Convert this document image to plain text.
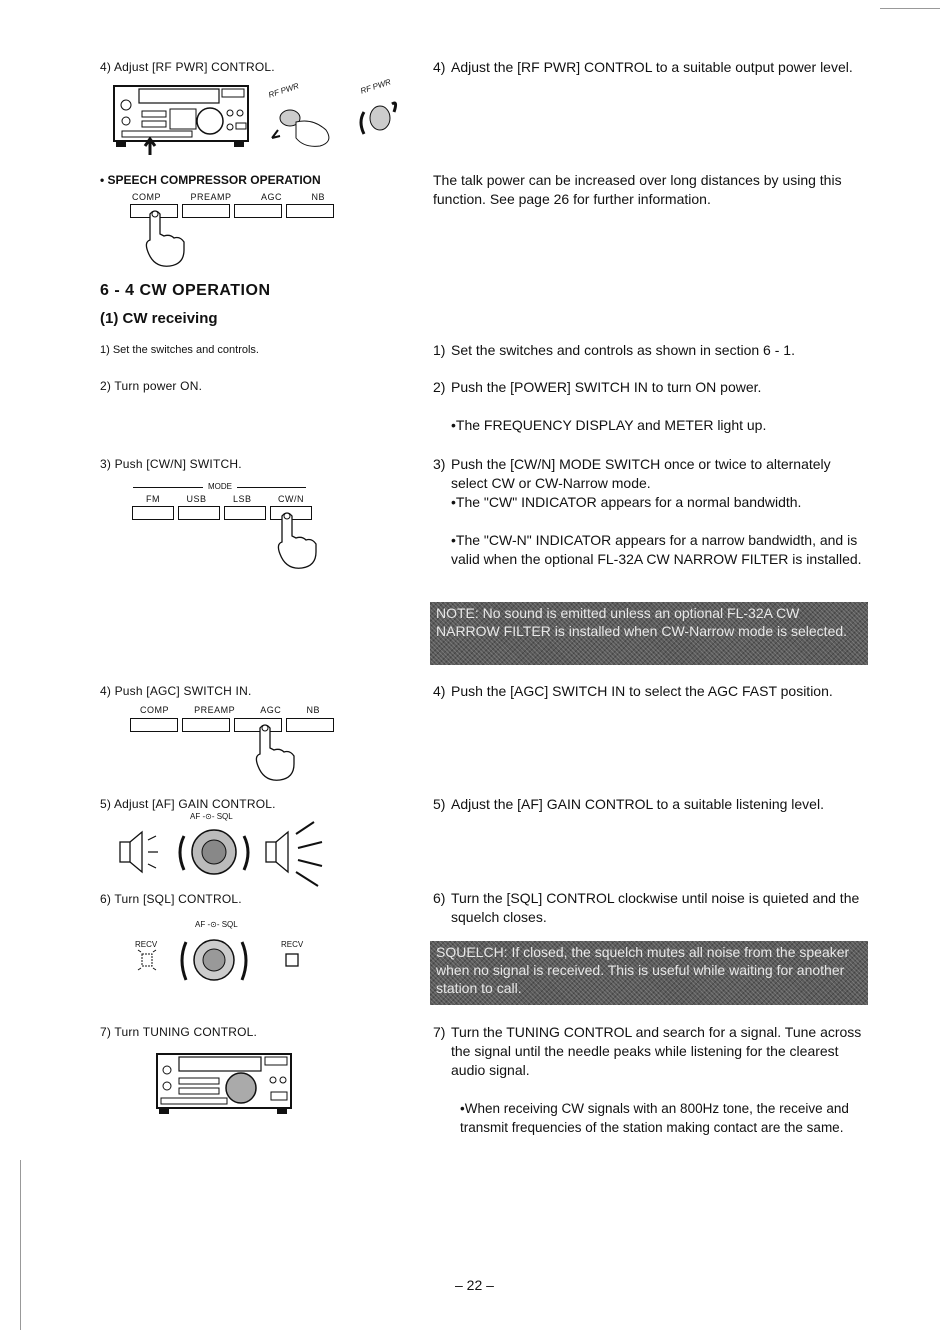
4) Adjust [RF PWR] CONTROL.
RF PWR	RF PWR
• SPEECH COMPRESSOR OPERATION
COMP	PREAMP	AGC	NB
6 - 4 CW OPERATION
(1) CW receiving
1) Set the switches and controls.
2) Turn power ON.
3) Push [CW/N] SWITCH.
MODE
FM	USB	LSB	CW/N
4) Push [AGC] SWITCH IN.
COMP	PREAMP	AGC	NB
5) Adjust [AF] GAIN CONTROL.
AF -⊙- SQL
6) Turn [SQL] CONTROL.
AF -⊙- SQL
RECV	RECV
7) Turn TUNING CONTROL.
4) Adjust the [RF PWR] CONTROL to a suitable output power level.
The talk power can be increased over long distances by using this function. See page 26 for further information.
1) Set the switches and controls as shown in section 6 - 1.
2) Push the [POWER] SWITCH IN to turn ON power.
•The FREQUENCY DISPLAY and METER light up.
3) Push the [CW/N] MODE SWITCH once or twice to alternately select CW or CW-Narrow mode.
•The "CW" INDICATOR appears for a normal bandwidth.
•The "CW-N" INDICATOR appears for a narrow bandwidth, and is valid when the optional FL-32A CW NARROW FILTER is installed.
NOTE: No sound is emitted unless an optional FL-32A CW NARROW FILTER is installed when CW-Narrow mode is selected.
4) Push the [AGC] SWITCH IN to select the AGC FAST position.
5) Adjust the [AF] GAIN CONTROL to a suitable listening level.
6) Turn the [SQL] CONTROL clockwise until noise is quieted and the squelch closes.
SQUELCH: If closed, the squelch mutes all noise from the speaker when no signal is received. This is useful while waiting for another station to call.
7) Turn the TUNING CONTROL and search for a signal. Tune across the signal until the needle peaks while listening for the clearest audio signal.
•When receiving CW signals with an 800Hz tone, the receive and transmit frequencies of the station making contact are the same.
– 22 –
